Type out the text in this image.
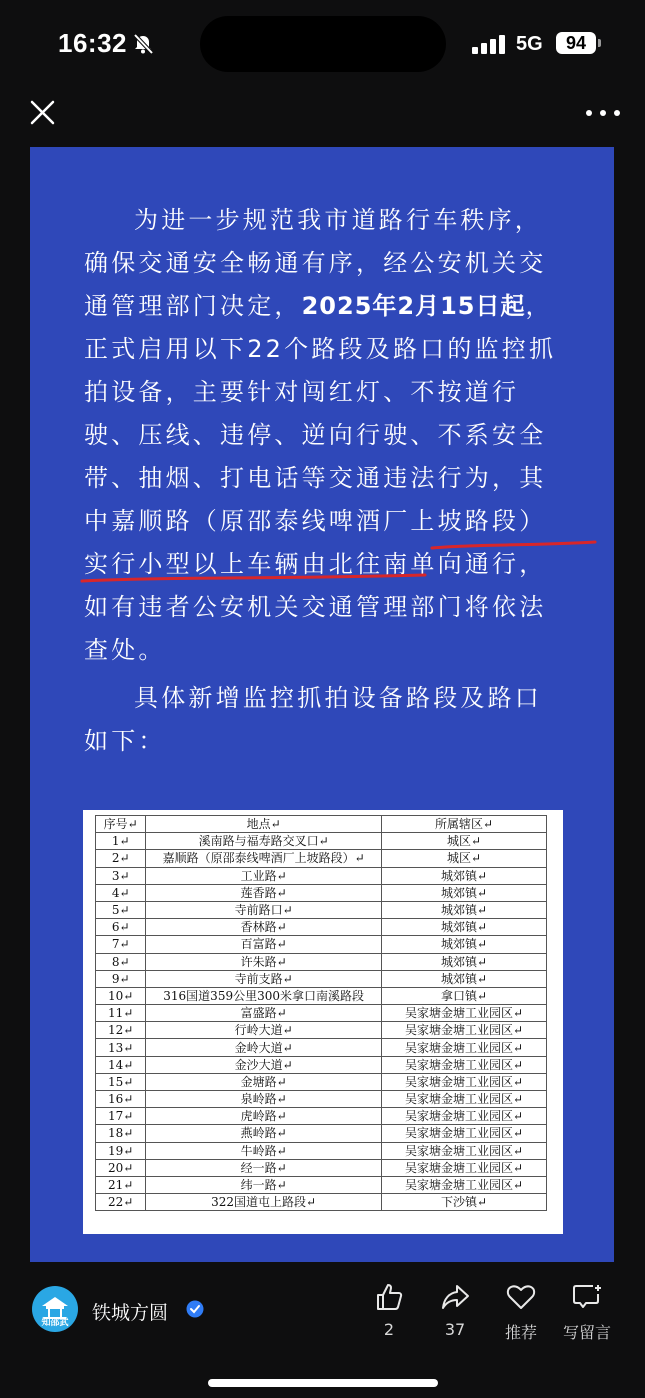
16:32	5G	94

为进一步规范我市道路行车秩序，确保交通安全畅通有序，经公安机关交通管理部门决定，2025年2月15日起，正式启用以下22个路段及路口的监控抓拍设备，主要针对闯红灯、不按道行驶、压线、违停、逆向行驶、不系安全带、抽烟、打电话等交通违法行为，其中嘉顺路（原邵泰线啤酒厂上坡路段）实行小型以上车辆由北往南单向通行，如有违者公安机关交通管理部门将依法查处。

具体新增监控抓拍设备路段及路口如下：

序号↵	地点↵	所属辖区↵
1↵	溪南路与福寿路交叉口↵	城区↵
2↵	嘉顺路（原邵泰线啤酒厂上坡路段）↵	城区↵
3↵	工业路↵	城郊镇↵
4↵	莲香路↵	城郊镇↵
5↵	寺前路口↵	城郊镇↵
6↵	香林路↵	城郊镇↵
7↵	百富路↵	城郊镇↵
8↵	许朱路↵	城郊镇↵
9↵	寺前支路↵	城郊镇↵
10↵	316国道359公里300米拿口南溪路段	拿口镇↵
11↵	富盛路↵	吴家塘金塘工业园区↵
12↵	行岭大道↵	吴家塘金塘工业园区↵
13↵	金岭大道↵	吴家塘金塘工业园区↵
14↵	金沙大道↵	吴家塘金塘工业园区↵
15↵	金塘路↵	吴家塘金塘工业园区↵
16↵	泉岭路↵	吴家塘金塘工业园区↵
17↵	虎岭路↵	吴家塘金塘工业园区↵
18↵	燕岭路↵	吴家塘金塘工业园区↵
19↵	牛岭路↵	吴家塘金塘工业园区↵
20↵	经一路↵	吴家塘金塘工业园区↵
21↵	纬一路↵	吴家塘金塘工业园区↵
22↵	322国道屯上路段↵	下沙镇↵
知邵武	铁城方圆
2	37	推荐	写留言
